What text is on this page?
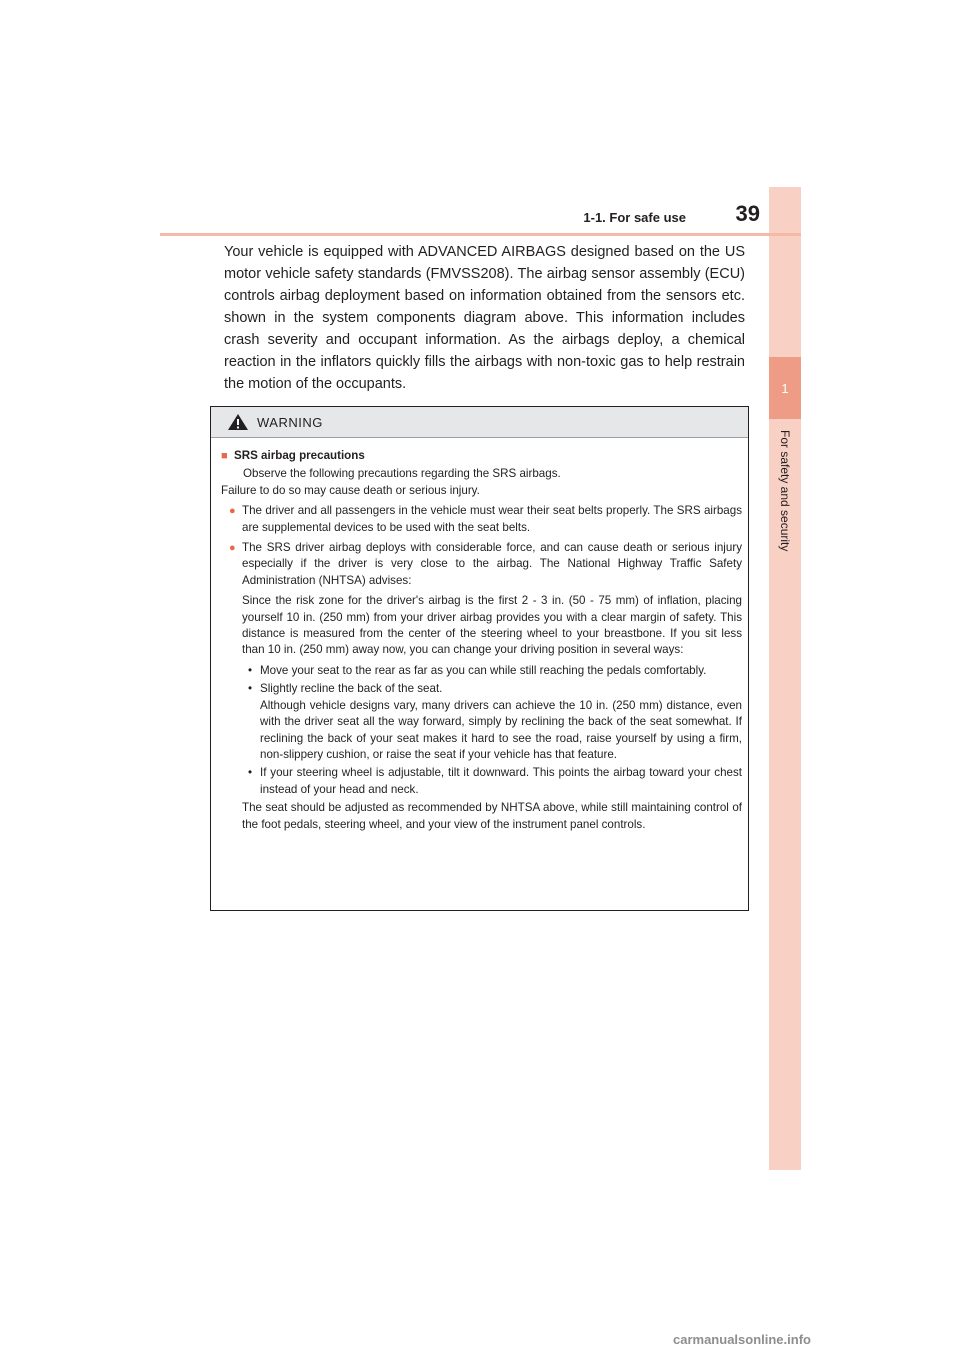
1
For safety and security
1-1. For safe use	39

Your vehicle is equipped with ADVANCED AIRBAGS designed based on the US motor vehicle safety standards (FMVSS208). The airbag sensor assembly (ECU) controls airbag deployment based on information obtained from the sensors etc. shown in the system components diagram above. This information includes crash severity and occupant information. As the airbags deploy, a chemical reaction in the inflators quickly fills the airbags with non-toxic gas to help restrain the motion of the occupants.

WARNING
■ SRS airbag precautions
Observe the following precautions regarding the SRS airbags.
Failure to do so may cause death or serious injury.
● The driver and all passengers in the vehicle must wear their seat belts properly. The SRS airbags are supplemental devices to be used with the seat belts.
● The SRS driver airbag deploys with considerable force, and can cause death or serious injury especially if the driver is very close to the airbag. The National Highway Traffic Safety Administration (NHTSA) advises:

Since the risk zone for the driver's airbag is the first 2 - 3 in. (50 - 75 mm) of inflation, placing yourself 10 in. (250 mm) from your driver airbag provides you with a clear margin of safety. This distance is measured from the center of the steering wheel to your breastbone. If you sit less than 10 in. (250 mm) away now, you can change your driving position in several ways:

• Move your seat to the rear as far as you can while still reaching the pedals comfortably.
• Slightly recline the back of the seat.
Although vehicle designs vary, many drivers can achieve the 10 in. (250 mm) distance, even with the driver seat all the way forward, simply by reclining the back of the seat somewhat. If reclining the back of your seat makes it hard to see the road, raise yourself by using a firm, non-slippery cushion, or raise the seat if your vehicle has that feature.
• If your steering wheel is adjustable, tilt it downward. This points the airbag toward your chest instead of your head and neck.
The seat should be adjusted as recommended by NHTSA above, while still maintaining control of the foot pedals, steering wheel, and your view of the instrument panel controls.
carmanualsonline.info
